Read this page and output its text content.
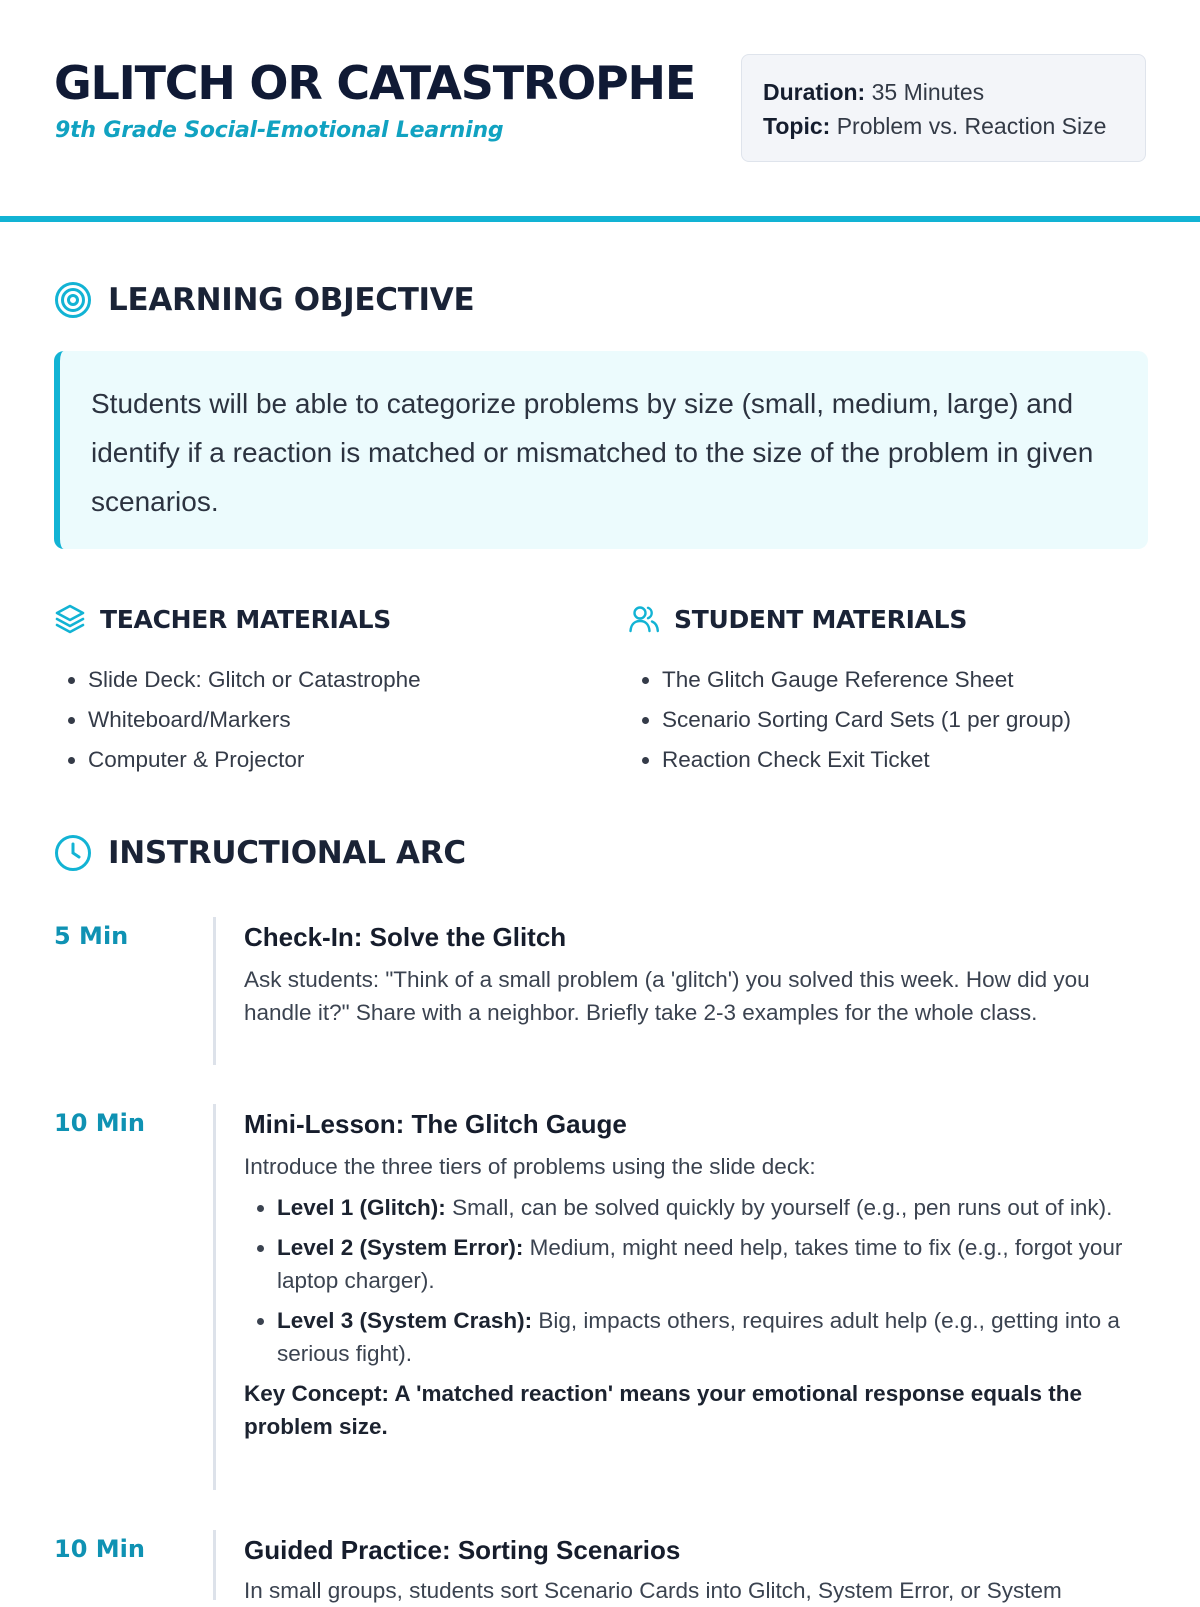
GLITCH OR CATASTROPHE

9th Grade Social-Emotional Learning

Duration: 35 Minutes
Topic: Problem vs. Reaction Size
LEARNING OBJECTIVE
Students will be able to categorize problems by size (small, medium, large) and identify if a reaction is matched or mismatched to the size of the problem in given scenarios.
TEACHER MATERIALS
• Slide Deck: Glitch or Catastrophe
• Whiteboard/Markers
• Computer & Projector
STUDENT MATERIALS
• The Glitch Gauge Reference Sheet
• Scenario Sorting Card Sets (1 per group)
• Reaction Check Exit Ticket
INSTRUCTIONAL ARC
5 Min	Check-In: Solve the Glitch

Ask students: "Think of a small problem (a 'glitch') you solved this week. How did you handle it?" Share with a neighbor. Briefly take 2-3 examples for the whole class.

10 Min	Mini-Lesson: The Glitch Gauge

Introduce the three tiers of problems using the slide deck:

• Level 1 (Glitch): Small, can be solved quickly by yourself (e.g., pen runs out of ink).
• Level 2 (System Error): Medium, might need help, takes time to fix (e.g., forgot your laptop charger).
• Level 3 (System Crash): Big, impacts others, requires adult help (e.g., getting into a serious fight).

Key Concept: A 'matched reaction' means your emotional response equals the problem size.

10 Min	Guided Practice: Sorting Scenarios

In small groups, students sort Scenario Cards into Glitch, System Error, or System
